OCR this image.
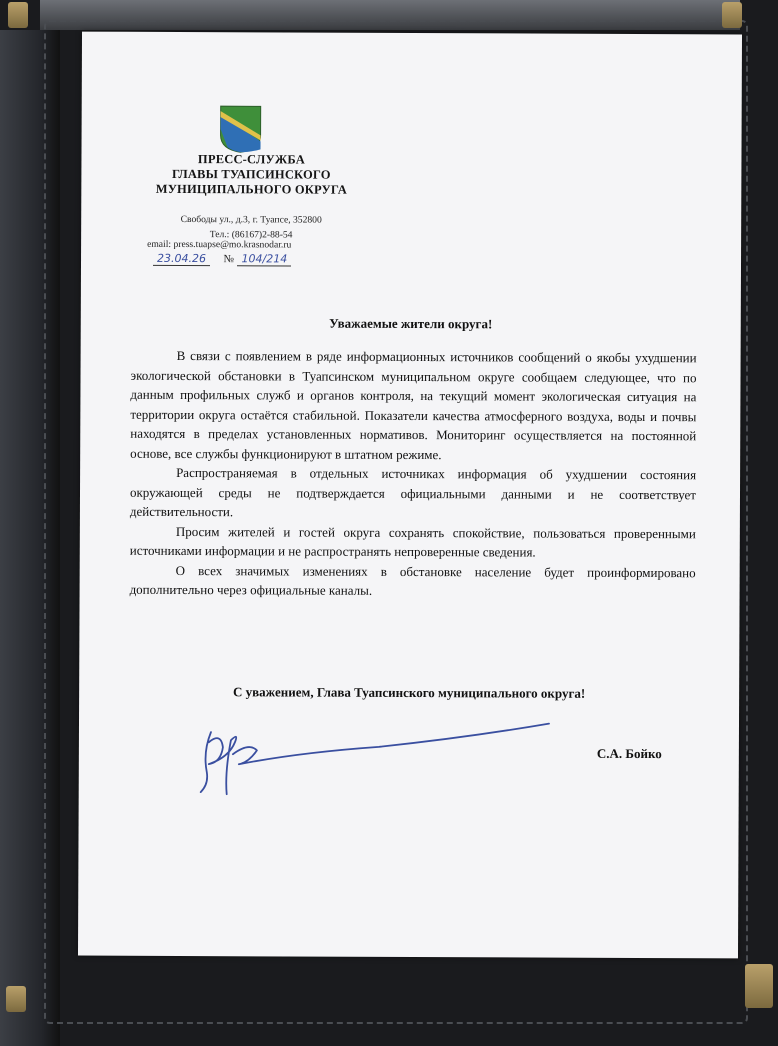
ПРЕСС-СЛУЖБА
ГЛАВЫ ТУАПСИНСКОГО
МУНИЦИПАЛЬНОГО ОКРУГА
Свободы ул., д.3, г. Туапсе, 352800
Тел.: (86167)2-88-54
email: press.tuapse@mo.krasnodar.ru
23.04.26 № 104/214
Уважаемые жители округа!

В связи с появлением в ряде информационных источников сообщений о якобы ухудшении экологической обстановки в Туапсинском муниципальном округе сообщаем следующее, что по данным профильных служб и органов контроля, на текущий момент экологическая ситуация на территории округа остаётся стабильной. Показатели качества атмосферного воздуха, воды и почвы находятся в пределах установленных нормативов. Мониторинг осуществляется на постоянной основе, все службы функционируют в штатном режиме.

Распространяемая в отдельных источниках информация об ухудшении состояния окружающей среды не подтверждается официальными данными и не соответствует действительности.

Просим жителей и гостей округа сохранять спокойствие, пользоваться проверенными источниками информации и не распространять непроверенные сведения.

О всех значимых изменениях в обстановке население будет проинформировано дополнительно через официальные каналы.

С уважением, Глава Туапсинского муниципального округа!
С.А. Бойко
